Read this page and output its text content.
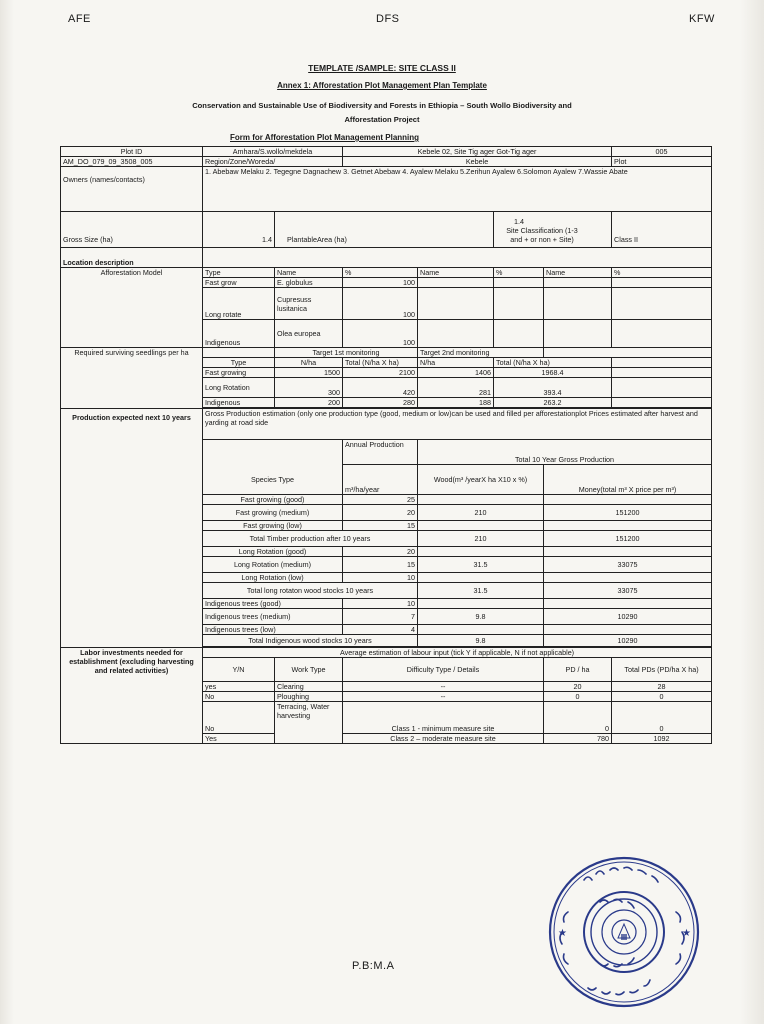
AFE	DFS	KFW
TEMPLATE /SAMPLE: SITE CLASS II
Annex 1: Afforestation Plot Management Plan Template
Conservation and Sustainable Use of Biodiversity and Forests in Ethiopia – South Wollo Biodiversity and
Afforestation Project
Form for Afforestation Plot Management Planning
Plot ID	Amhara/S.wollo/mekdela		Kebele 02, Site Tig ager Got-Tig ager				005
AM_DO_079_09_3508_005	Region/Zone/Woreda/		Kebele				Plot
Owners (names/contacts)	1. Abebaw Melaku 2. Tegegne Dagnachew 3. Getnet Abebaw 4. Ayalew Melaku 5.Zerihun Ayalew 6.Solomon Ayalew 7.Wassie Abate						
Gross Size (ha)	1.4	PlantableArea (ha)			1.4 Site Classification (1-3 and + or non + Site)		Class II
Location description							
Afforestation Model	Type	Name	%	Name	%	Name	%
	Fast grow	E. globulus	100				
	Long rotate	Cupresuss lusitanica	100				
	Indigenous	Olea europea	100				
Required surviving seedlings per ha		Target 1st monitoring		Target 2nd monitoring			
	Type	N/ha	Total (N/ha X ha)	N/ha	Total (N/ha X ha)		
	Fast growing	1500	2100	1406	1968.4		
	Long Rotation	300	420	281	393.4		
	Indigenous	200	280	188	263.2		

Production expected next 10 years	Gross Production estimation (only one production type (good, medium or low)can be used and filled per afforestationplot Prices estimated after harvest and yarding at road side						
			Annual Production	Total 10 Year Gross Production			
	Species Type		m³/ha/year	Wood(m³ /yearX ha X10 x %)		Money(total m³ X price per m³)	
	Fast growing (good)		25				
	Fast growing (medium)		20	210		151200	
	Fast growing (low)		15				
	Total Timber production after 10 years			210		151200	
	Long Rotation (good)		20				
	Long Rotation (medium)		15	31.5		33075	
	Long Rotation (low)		10				
	Total long rotaton wood stocks 10 years			31.5		33075	
	Indigenous trees (good)		10				
	Indigenous trees (medium)		7	9.8		10290	
	Indigenous trees (low)		4				
	Total Indigenous wood stocks 10 years			9.8		10290	

Labor investments needed for establishment (excluding harvesting and related activities)	Average estimation of labour input (tick Y if applicable, N if not applicable)						
	Y/N	Work Type	Difficulty Type / Details			PD / ha	Total PDs (PD/ha X ha)
	yes	Clearing	--			20	28
	No	Ploughing	--			0	0
	No	Terracing, Water harvesting	Class 1 - minimum measure site			0	0
	Yes		Class 2 – moderate measure site			780	1092
★	★
P.B:M.A
